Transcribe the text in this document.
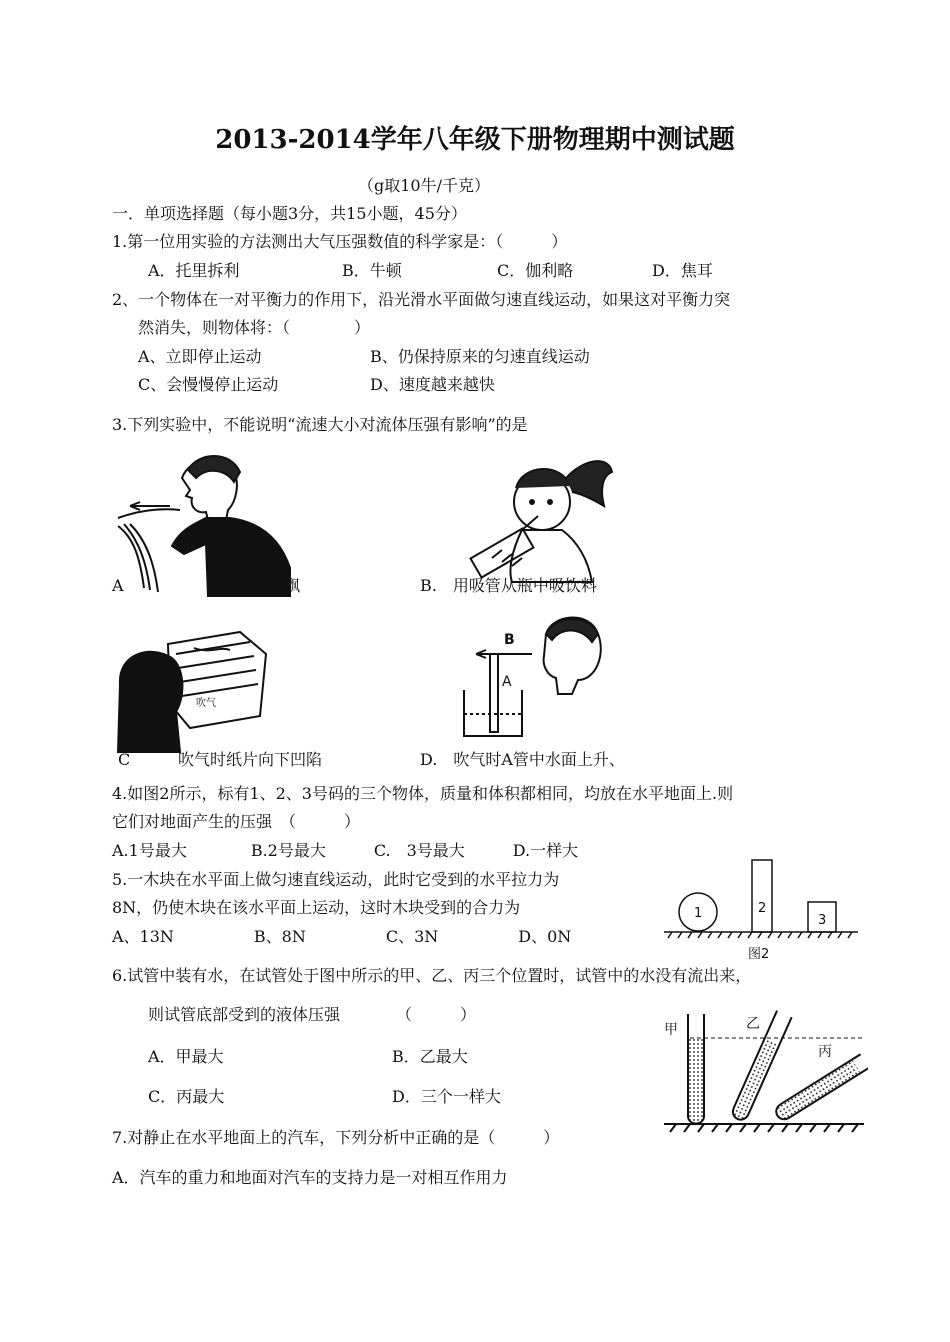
2013-2014学年八年级下册物理期中测试题
（g取10牛/千克）
一．单项选择题（每小题3分，共15小题，45分）
1.第一位用实验的方法测出大气压强数值的科学家是：（　　　）
A．托里拆利	B．牛顿	C．伽利略	D．焦耳
2、一个物体在一对平衡力的作用下，沿光滑水平面做匀速直线运动，如果这对平衡力突
然消失，则物体将：（　　　　）
A、立即停止运动	B、仍保持原来的匀速直线运动
C、会慢慢停止运动	D、速度越来越快
3.下列实验中，不能说明“流速大小对流体压强有影响”的是
A	向上飘	B.　用吸管从瓶中吸饮料
吹气
C	吹气时纸片向下凹陷
B
A
D.　吹气时A管中水面上升、
4.如图2所示，标有1、2、3号码的三个物体，质量和体积都相同，均放在水平地面上.则
它们对地面产生的压强　（　　　）
A.1号最大　　　　B.2号最大　　　C.　3号最大　　　D.一样大
1	2
3
图2
5.一木块在水平面上做匀速直线运动，此时它受到的水平拉力为
8N，仍使木块在该水平面上运动，这时木块受到的合力为
A、13N　　　　　B、8N　　　　　C、3N　　　　　D、0N
6.试管中装有水，在试管处于图中所示的甲、乙、丙三个位置时，试管中的水没有流出来，
则试管底部受到的液体压强　　　　（　　　）
A．甲最大	B．乙最大
C．丙最大	D．三个一样大
甲	乙
丙
7.对静止在水平地面上的汽车，下列分析中正确的是（　　　）
A．汽车的重力和地面对汽车的支持力是一对相互作用力
